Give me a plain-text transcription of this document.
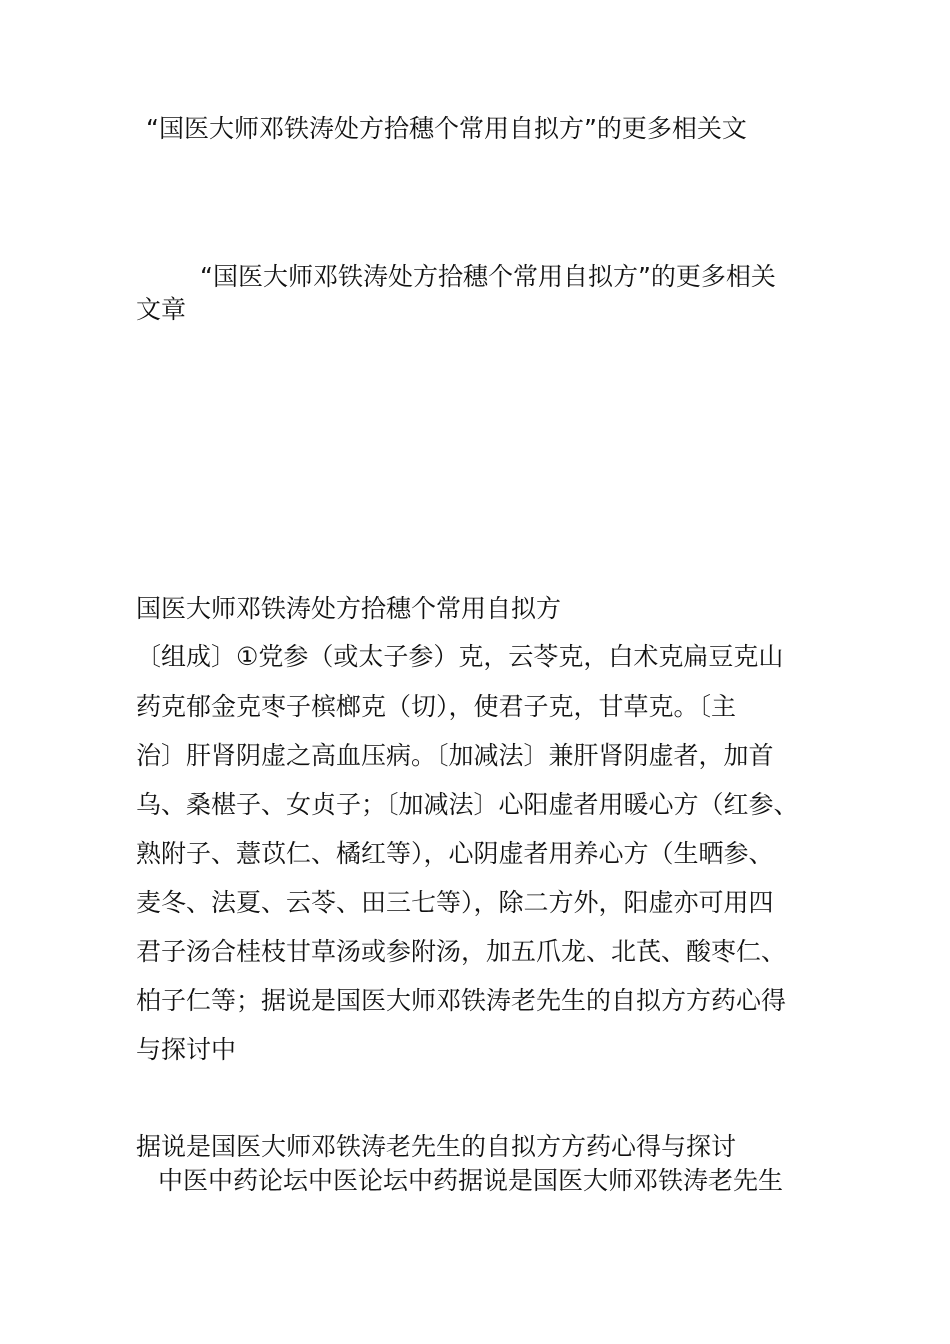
“国医大师邓铁涛处方拾穗个常用自拟方”的更多相关文
“国医大师邓铁涛处方拾穗个常用自拟方”的更多相关
文章
国医大师邓铁涛处方拾穗个常用自拟方
〔组成〕①党参（或太子参）克，云苓克，白术克扁豆克山
药克郁金克枣子槟榔克（切），使君子克，甘草克。〔主
治〕肝肾阴虚之高血压病。〔加减法〕兼肝肾阴虚者，加首
乌、桑椹子、女贞子；〔加减法〕心阳虚者用暖心方（红参、
熟附子、薏苡仁、橘红等），心阴虚者用养心方（生晒参、
麦冬、法夏、云苓、田三七等），除二方外，阳虚亦可用四
君子汤合桂枝甘草汤或参附汤，加五爪龙、北芪、酸枣仁、
柏子仁等；据说是国医大师邓铁涛老先生的自拟方方药心得
与探讨中
据说是国医大师邓铁涛老先生的自拟方方药心得与探讨
中医中药论坛中医论坛中药据说是国医大师邓铁涛老先生
